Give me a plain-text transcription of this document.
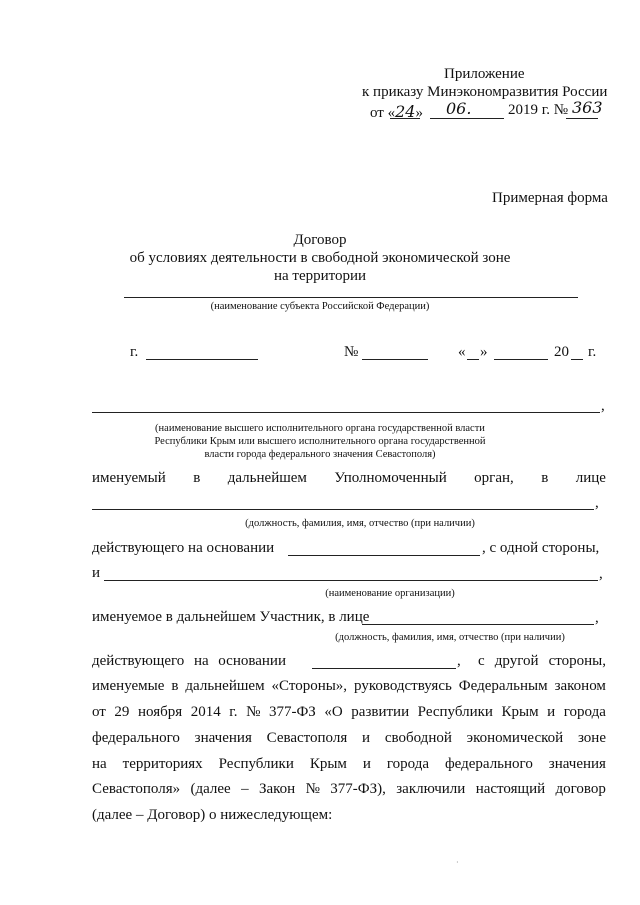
Приложение
к приказу Минэкономразвития России
от «24» 06. 2019 г. № 363
Примерная форма
Договор
об условиях деятельности в свободной экономической зоне
на территории
(наименование субъекта Российской Федерации)
г.	№	« »	20 г.
,
(наименование высшего исполнительного органа государственной власти
Республики Крым или высшего исполнительного органа государственной
власти города федерального значения Севастополя)
именуемый в дальнейшем Уполномоченный орган, в лице
,
(должность, фамилия, имя, отчество (при наличии)
действующего на основании	, с одной стороны,
и	,
(наименование организации)
именуемое в дальнейшем Участник, в лице	,
(должность, фамилия, имя, отчество (при наличии)
действующего на основании	, с другой стороны,
именуемые в дальнейшем «Стороны», руководствуясь Федеральным законом
от 29 ноября 2014 г. № 377-ФЗ «О развитии Республики Крым и города
федерального значения Севастополя и свободной экономической зоне
на территориях Республики Крым и города федерального значения
Севастополя» (далее – Закон № 377-ФЗ), заключили настоящий договор
(далее – Договор) о нижеследующем:
·
